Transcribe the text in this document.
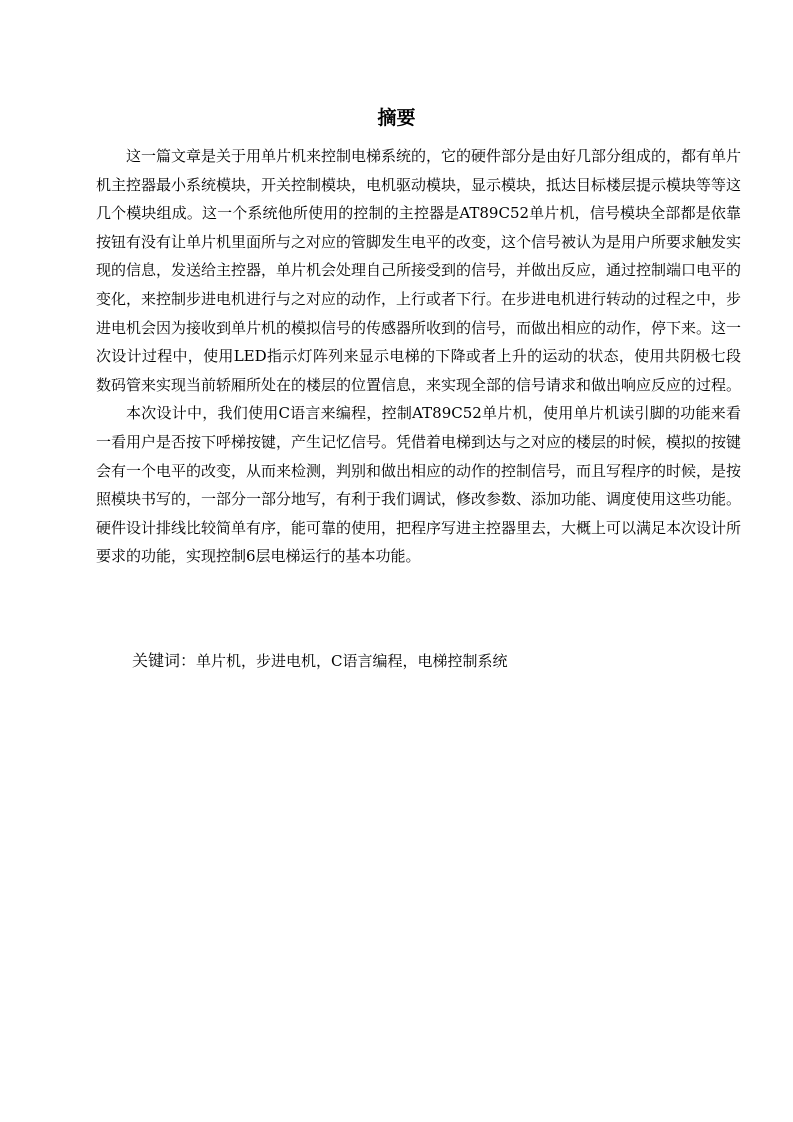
摘要

这一篇文章是关于用单片机来控制电梯系统的，它的硬件部分是由好几部分组成的，都有单片机主控器最小系统模块，开关控制模块，电机驱动模块，显示模块，抵达目标楼层提示模块等等这几个模块组成。这一个系统他所使用的控制的主控器是AT89C52单片机，信号模块全部都是依靠按钮有没有让单片机里面所与之对应的管脚发生电平的改变，这个信号被认为是用户所要求触发实现的信息，发送给主控器，单片机会处理自己所接受到的信号，并做出反应，通过控制端口电平的变化，来控制步进电机进行与之对应的动作，上行或者下行。在步进电机进行转动的过程之中，步进电机会因为接收到单片机的模拟信号的传感器所收到的信号，而做出相应的动作，停下来。这一次设计过程中，使用LED指示灯阵列来显示电梯的下降或者上升的运动的状态，使用共阴极七段数码管来实现当前轿厢所处在的楼层的位置信息，来实现全部的信号请求和做出响应反应的过程。

本次设计中，我们使用C语言来编程，控制AT89C52单片机，使用单片机读引脚的功能来看一看用户是否按下呼梯按键，产生记忆信号。凭借着电梯到达与之对应的楼层的时候，模拟的按键会有一个电平的改变，从而来检测，判别和做出相应的动作的控制信号，而且写程序的时候，是按照模块书写的，一部分一部分地写，有利于我们调试，修改参数、添加功能、调度使用这些功能。硬件设计排线比较简单有序，能可靠的使用，把程序写进主控器里去，大概上可以满足本次设计所要求的功能，实现控制6层电梯运行的基本功能。

关键词：单片机，步进电机，C语言编程，电梯控制系统
